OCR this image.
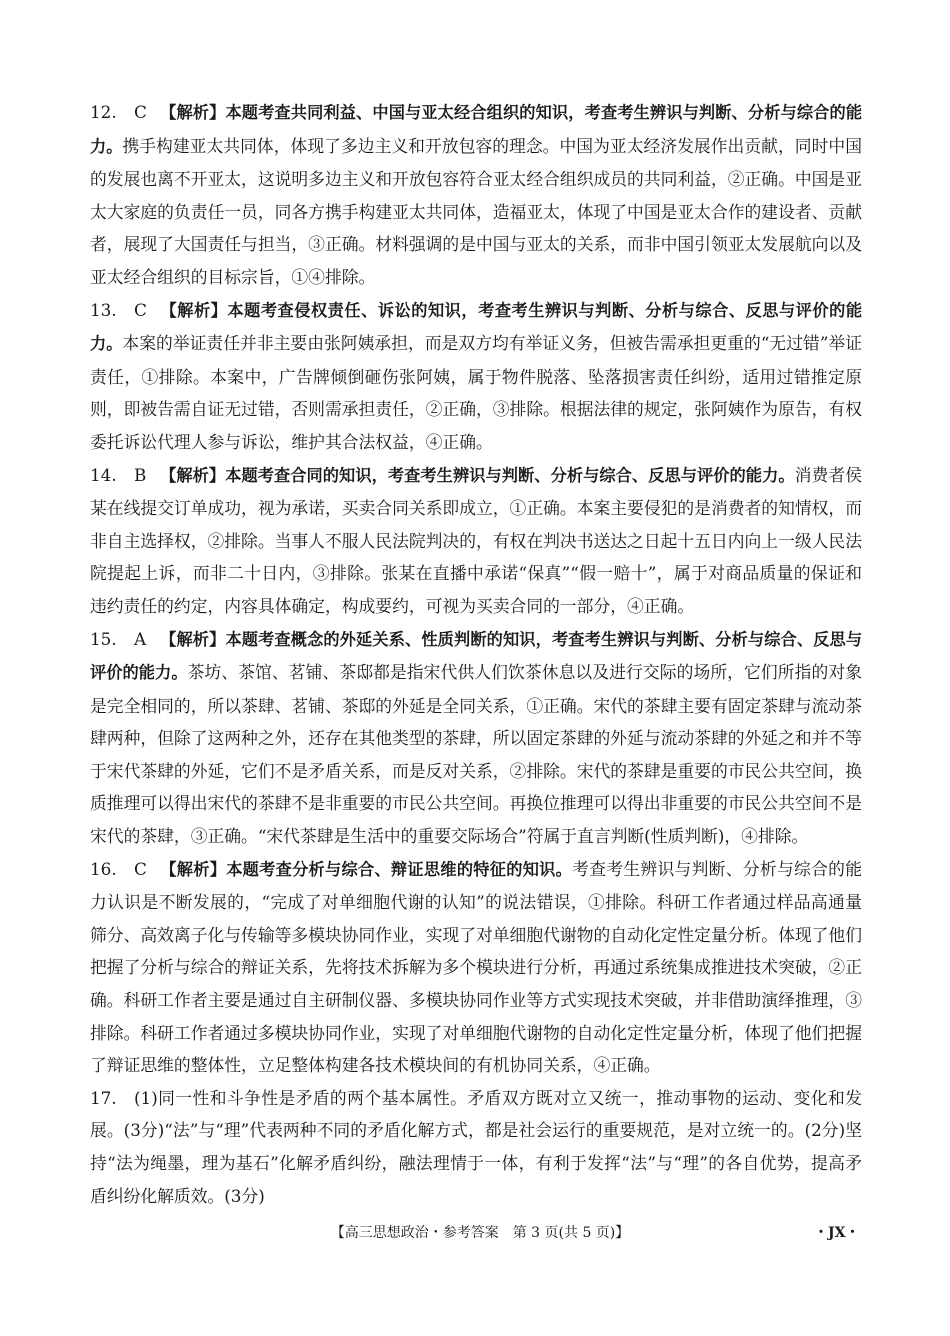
12. C 【解析】本题考查共同利益、中国与亚太经合组织的知识，考查考生辨识与判断、分析与综合的能力。携手构建亚太共同体，体现了多边主义和开放包容的理念。中国为亚太经济发展作出贡献，同时中国的发展也离不开亚太，这说明多边主义和开放包容符合亚太经合组织成员的共同利益，②正确。中国是亚太大家庭的负责任一员，同各方携手构建亚太共同体，造福亚太，体现了中国是亚太合作的建设者、贡献者，展现了大国责任与担当，③正确。材料强调的是中国与亚太的关系，而非中国引领亚太发展航向以及亚太经合组织的目标宗旨，①④排除。

13. C 【解析】本题考查侵权责任、诉讼的知识，考查考生辨识与判断、分析与综合、反思与评价的能力。本案的举证责任并非主要由张阿姨承担，而是双方均有举证义务，但被告需承担更重的“无过错”举证责任，①排除。本案中，广告牌倾倒砸伤张阿姨，属于物件脱落、坠落损害责任纠纷，适用过错推定原则，即被告需自证无过错，否则需承担责任，②正确，③排除。根据法律的规定，张阿姨作为原告，有权委托诉讼代理人参与诉讼，维护其合法权益，④正确。

14. B 【解析】本题考查合同的知识，考查考生辨识与判断、分析与综合、反思与评价的能力。消费者侯某在线提交订单成功，视为承诺，买卖合同关系即成立，①正确。本案主要侵犯的是消费者的知情权，而非自主选择权，②排除。当事人不服人民法院判决的，有权在判决书送达之日起十五日内向上一级人民法院提起上诉，而非二十日内，③排除。张某在直播中承诺“保真”“假一赔十”，属于对商品质量的保证和违约责任的约定，内容具体确定，构成要约，可视为买卖合同的一部分，④正确。

15. A 【解析】本题考查概念的外延关系、性质判断的知识，考查考生辨识与判断、分析与综合、反思与评价的能力。茶坊、茶馆、茗铺、茶邸都是指宋代供人们饮茶休息以及进行交际的场所，它们所指的对象是完全相同的，所以茶肆、茗铺、茶邸的外延是全同关系，①正确。宋代的茶肆主要有固定茶肆与流动茶肆两种，但除了这两种之外，还存在其他类型的茶肆，所以固定茶肆的外延与流动茶肆的外延之和并不等于宋代茶肆的外延，它们不是矛盾关系，而是反对关系，②排除。宋代的茶肆是重要的市民公共空间，换质推理可以得出宋代的茶肆不是非重要的市民公共空间。再换位推理可以得出非重要的市民公共空间不是宋代的茶肆，③正确。“宋代茶肆是生活中的重要交际场合”符属于直言判断(性质判断)，④排除。

16. C 【解析】本题考查分析与综合、辩证思维的特征的知识。考查考生辨识与判断、分析与综合的能力认识是不断发展的，“完成了对单细胞代谢的认知”的说法错误，①排除。科研工作者通过样品高通量筛分、高效离子化与传输等多模块协同作业，实现了对单细胞代谢物的自动化定性定量分析。体现了他们把握了分析与综合的辩证关系，先将技术拆解为多个模块进行分析，再通过系统集成推进技术突破，②正确。科研工作者主要是通过自主研制仪器、多模块协同作业等方式实现技术突破，并非借助演绎推理，③排除。科研工作者通过多模块协同作业，实现了对单细胞代谢物的自动化定性定量分析，体现了他们把握了辩证思维的整体性，立足整体构建各技术模块间的有机协同关系，④正确。

17. (1)同一性和斗争性是矛盾的两个基本属性。矛盾双方既对立又统一，推动事物的运动、变化和发展。(3分)“法”与“理”代表两种不同的矛盾化解方式，都是社会运行的重要规范，是对立统一的。(2分)坚持“法为绳墨，理为基石”化解矛盾纠纷，融法理情于一体，有利于发挥“法”与“理”的各自优势，提高矛盾纠纷化解质效。(3分)

【高三思想政治・参考答案　第 3 页(共 5 页)】	・JX・
